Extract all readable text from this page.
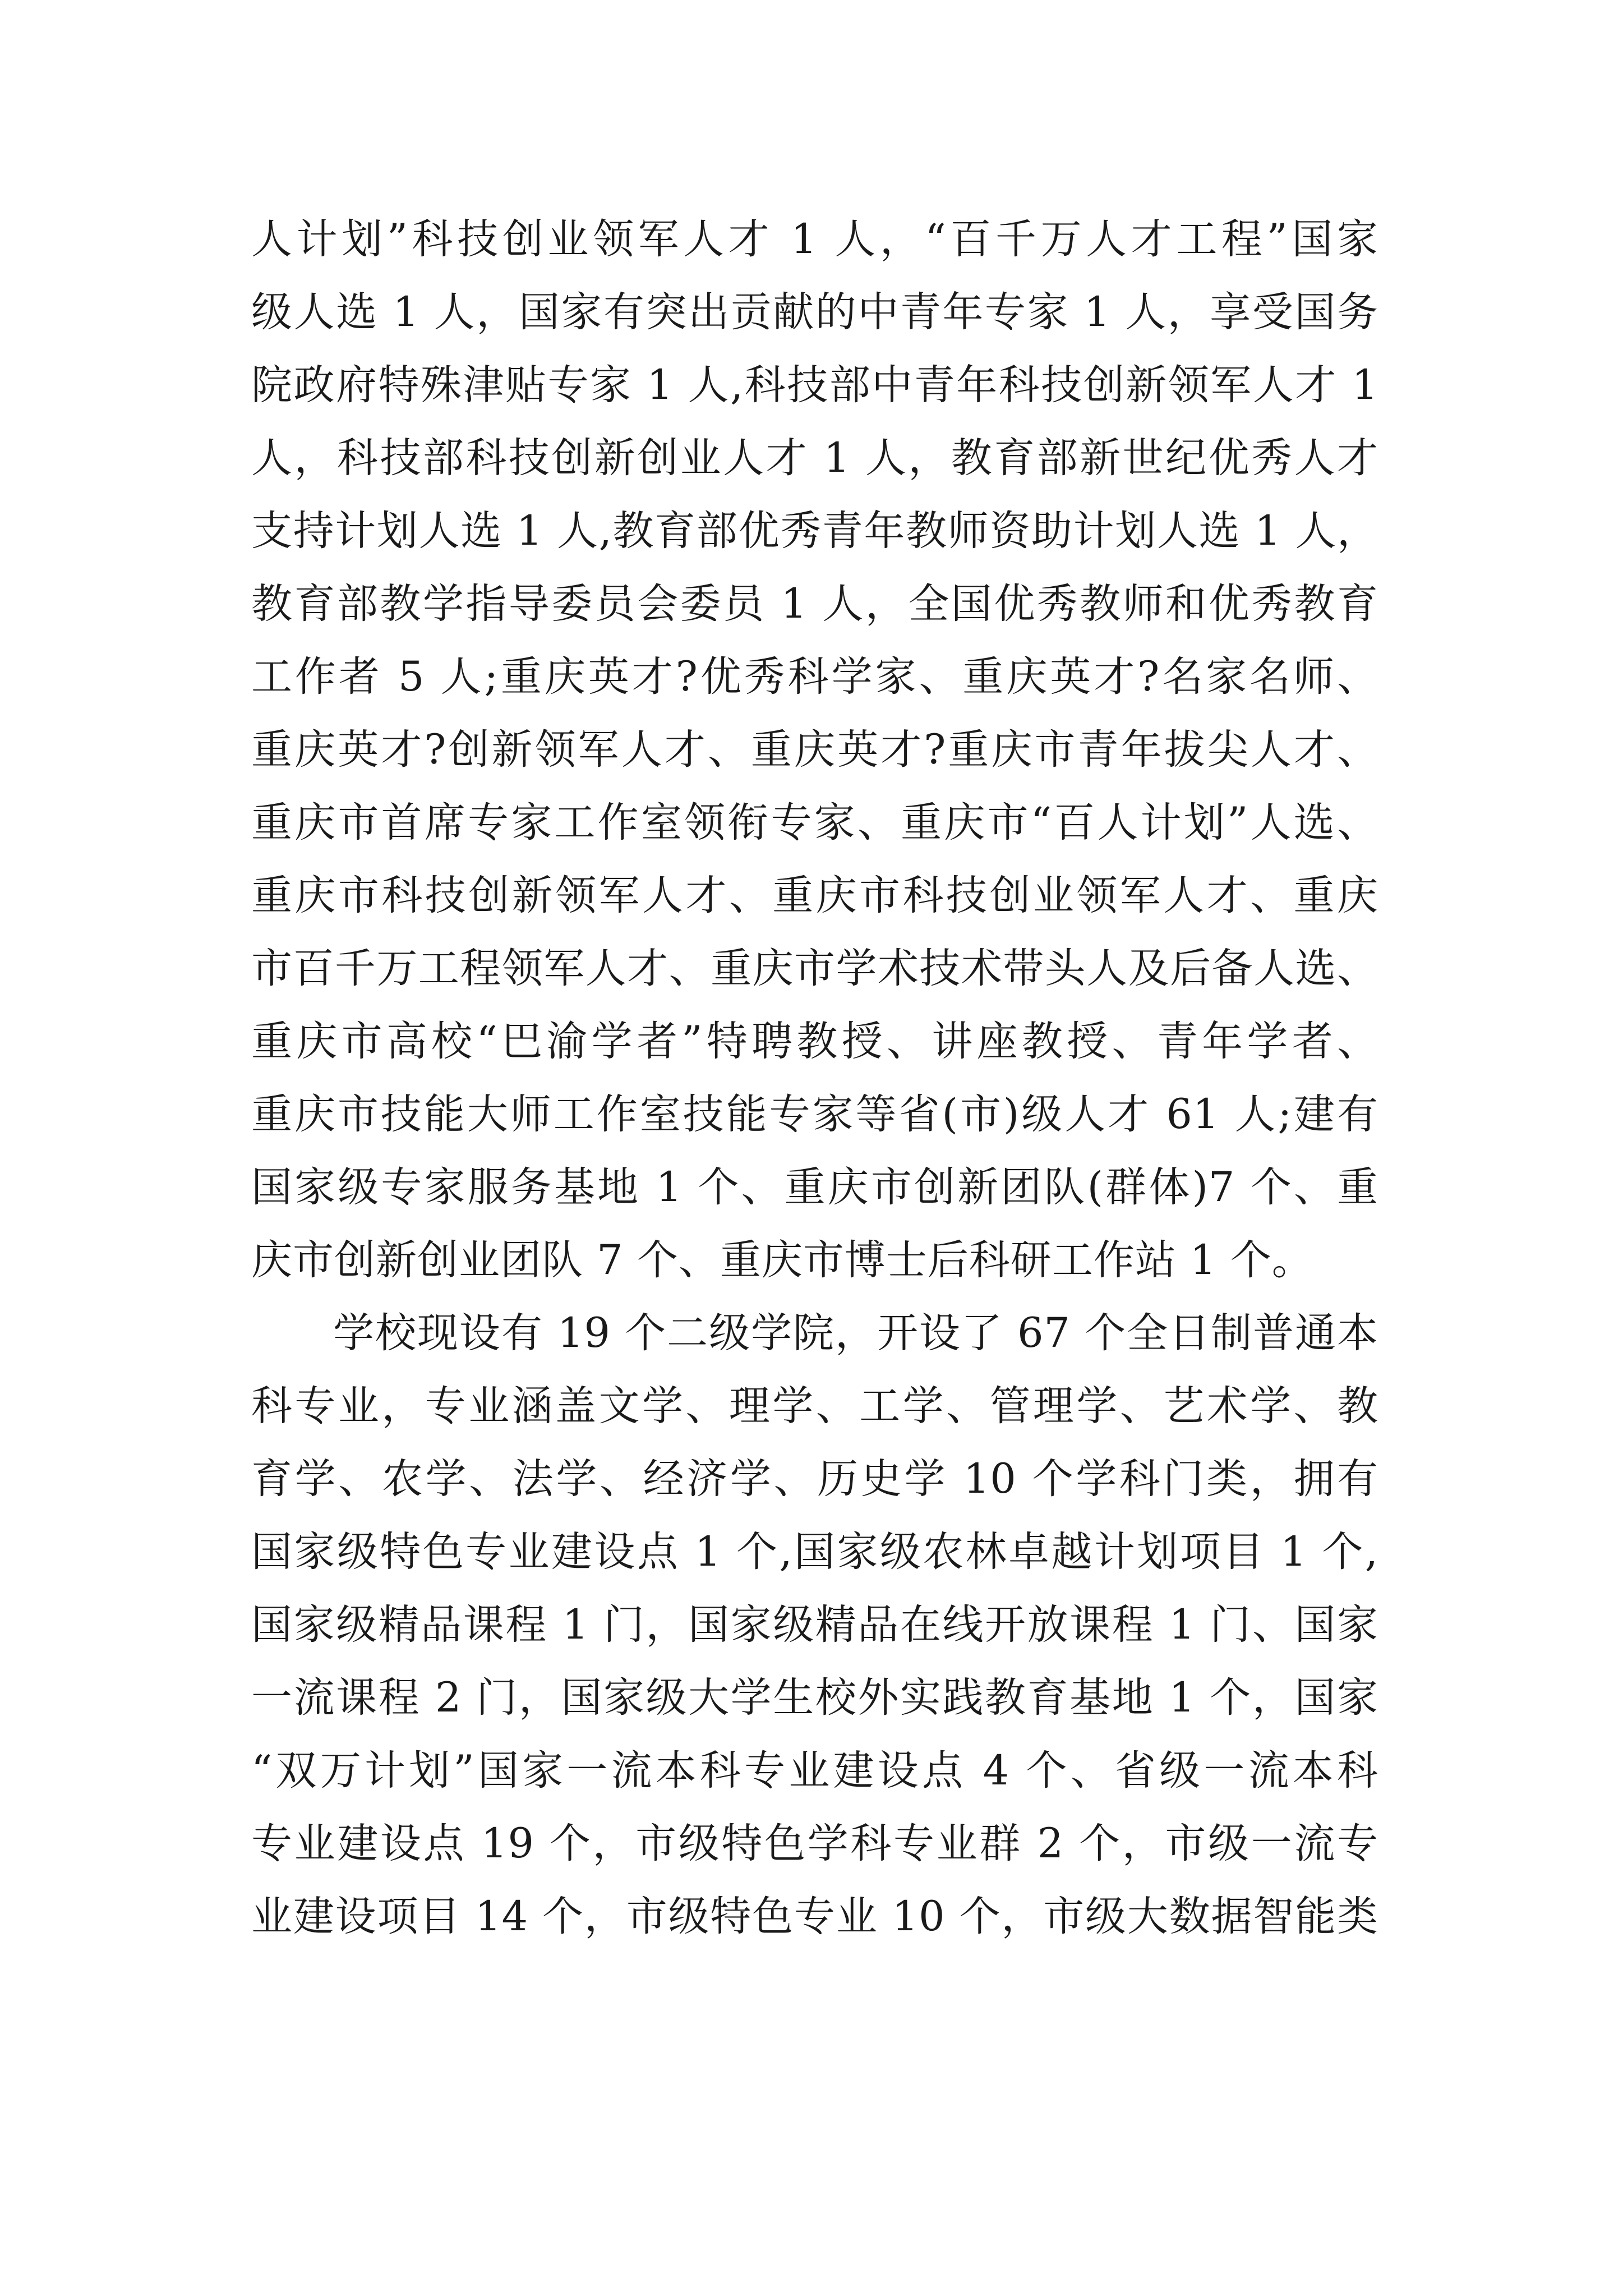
人计划”科技创业领军人才 1 人，“百千万人才工程”国家
级人选 1 人，国家有突出贡献的中青年专家 1 人，享受国务
院政府特殊津贴专家 1 人,科技部中青年科技创新领军人才 1
人，科技部科技创新创业人才 1 人，教育部新世纪优秀人才
支持计划人选 1 人,教育部优秀青年教师资助计划人选 1 人，
教育部教学指导委员会委员 1 人，全国优秀教师和优秀教育
工作者 5 人;重庆英才?优秀科学家、重庆英才?名家名师、
重庆英才?创新领军人才、重庆英才?重庆市青年拔尖人才、
重庆市首席专家工作室领衔专家、重庆市“百人计划”人选、
重庆市科技创新领军人才、重庆市科技创业领军人才、重庆
市百千万工程领军人才、重庆市学术技术带头人及后备人选、
重庆市高校“巴渝学者”特聘教授、讲座教授、青年学者、
重庆市技能大师工作室技能专家等省(市)级人才 61 人;建有
国家级专家服务基地 1 个、重庆市创新团队(群体)7 个、重
庆市创新创业团队 7 个、重庆市博士后科研工作站 1 个。
学校现设有 19 个二级学院，开设了 67 个全日制普通本
科专业，专业涵盖文学、理学、工学、管理学、艺术学、教
育学、农学、法学、经济学、历史学 10 个学科门类，拥有
国家级特色专业建设点 1 个,国家级农林卓越计划项目 1 个,
国家级精品课程 1 门，国家级精品在线开放课程 1 门、国家
一流课程 2 门，国家级大学生校外实践教育基地 1 个，国家
“双万计划”国家一流本科专业建设点 4 个、省级一流本科
专业建设点 19 个，市级特色学科专业群 2 个，市级一流专
业建设项目 14 个，市级特色专业 10 个，市级大数据智能类
